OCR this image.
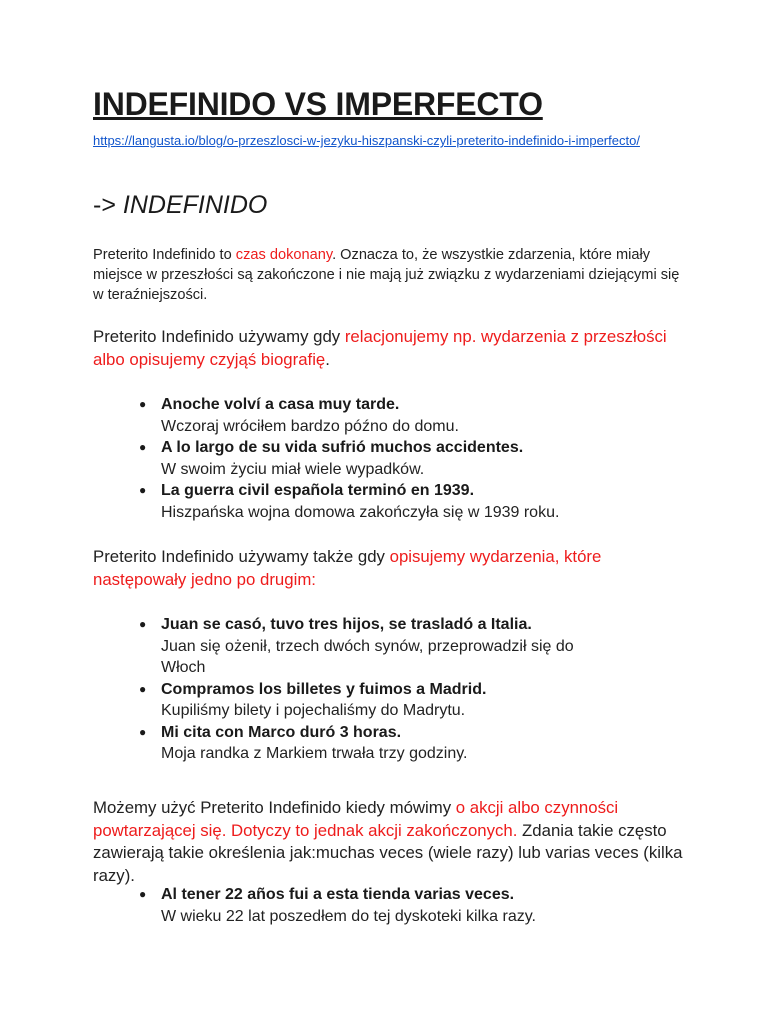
INDEFINIDO VS IMPERFECTO
https://langusta.io/blog/o-przeszlosci-w-jezyku-hiszpanski-czyli-preterito-indefinido-i-imperfecto/
-> INDEFINIDO

Preterito Indefinido to czas dokonany. Oznacza to, że wszystkie zdarzenia, które miały miejsce w przeszłości są zakończone i nie mają już związku z wydarzeniami dziejącymi się w teraźniejszości.

Preterito Indefinido używamy gdy relacjonujemy np. wydarzenia z przeszłości albo opisujemy czyjąś biografię.

● Anoche volví a casa muy tarde.
Wczoraj wróciłem bardzo późno do domu.
● A lo largo de su vida sufrió muchos accidentes.
W swoim życiu miał wiele wypadków.
● La guerra civil española terminó en 1939.
Hiszpańska wojna domowa zakończyła się w 1939 roku.

Preterito Indefinido używamy także gdy opisujemy wydarzenia, które następowały jedno po drugim:

● Juan se casó, tuvo tres hijos, se trasladó a Italia.
Juan się ożenił, trzech dwóch synów, przeprowadził się do Włoch
● Compramos los billetes y fuimos a Madrid.
Kupiliśmy bilety i pojechaliśmy do Madrytu.
● Mi cita con Marco duró 3 horas.
Moja randka z Markiem trwała trzy godziny.

Możemy użyć Preterito Indefinido kiedy mówimy o akcji albo czynności powtarzającej się. Dotyczy to jednak akcji zakończonych. Zdania takie często zawierają takie określenia jak:muchas veces (wiele razy) lub varias veces (kilka razy).

● Al tener 22 años fui a esta tienda varias veces.
W wieku 22 lat poszedłem do tej dyskoteki kilka razy.
